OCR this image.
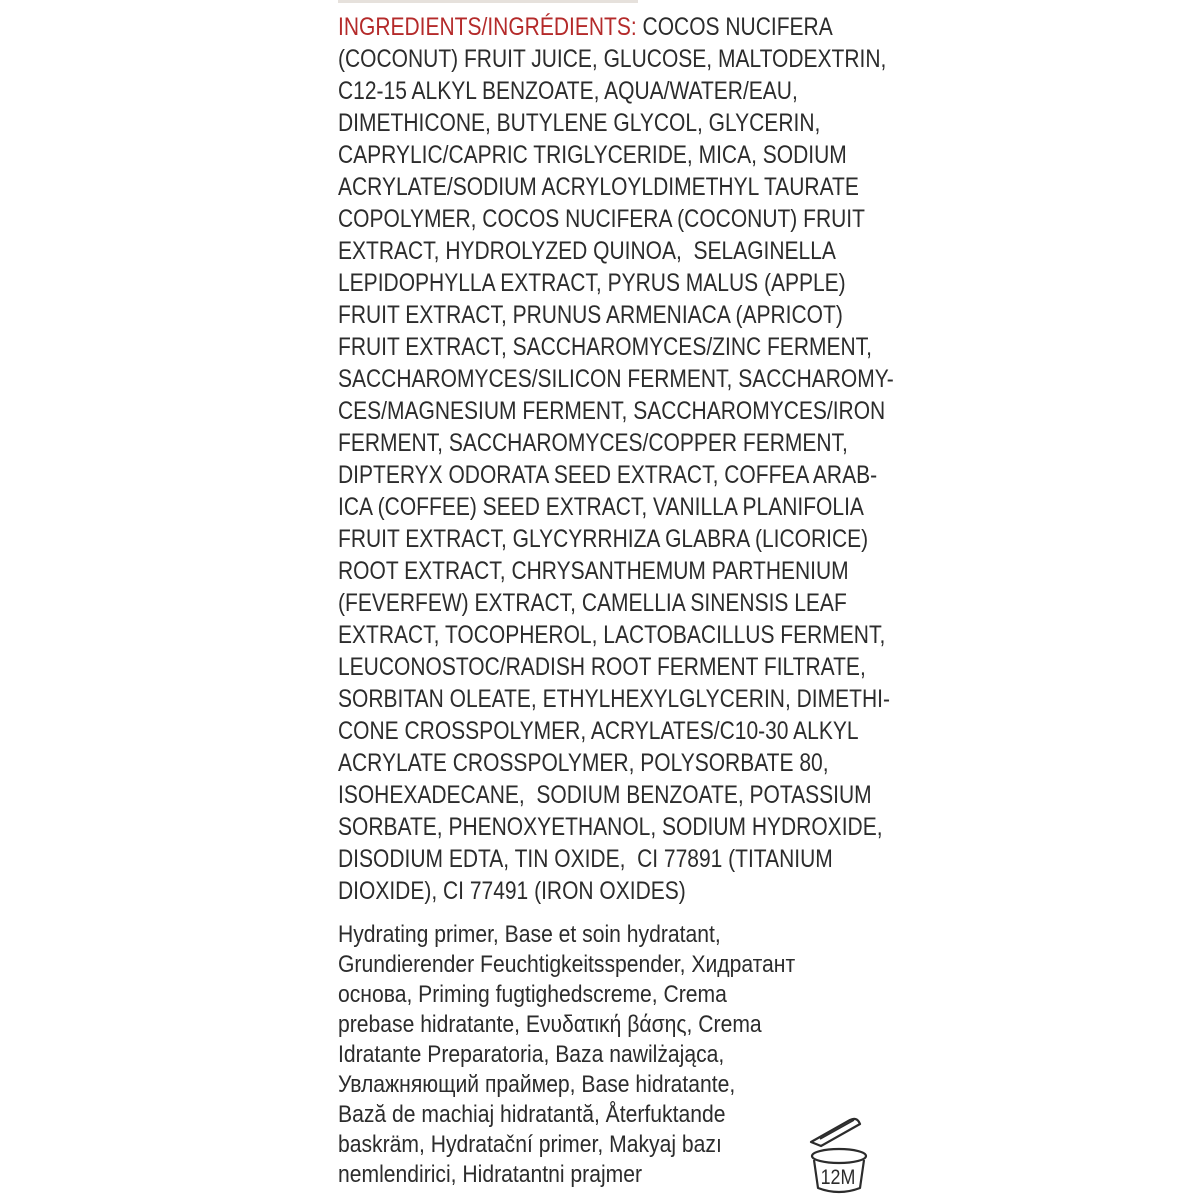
INGREDIENTS/INGRÉDIENTS: COCOS NUCIFERA
(COCONUT) FRUIT JUICE, GLUCOSE, MALTODEXTRIN,
C12-15 ALKYL BENZOATE, AQUA/WATER/EAU,
DIMETHICONE, BUTYLENE GLYCOL, GLYCERIN,
CAPRYLIC/CAPRIC TRIGLYCERIDE, MICA, SODIUM
ACRYLATE/SODIUM ACRYLOYLDIMETHYL TAURATE
COPOLYMER, COCOS NUCIFERA (COCONUT) FRUIT
EXTRACT, HYDROLYZED QUINOA,  SELAGINELLA
LEPIDOPHYLLA EXTRACT, PYRUS MALUS (APPLE)
FRUIT EXTRACT, PRUNUS ARMENIACA (APRICOT)
FRUIT EXTRACT, SACCHAROMYCES/ZINC FERMENT,
SACCHAROMYCES/SILICON FERMENT, SACCHAROMY-
CES/MAGNESIUM FERMENT, SACCHAROMYCES/IRON
FERMENT, SACCHAROMYCES/COPPER FERMENT,
DIPTERYX ODORATA SEED EXTRACT, COFFEA ARAB-
ICA (COFFEE) SEED EXTRACT, VANILLA PLANIFOLIA
FRUIT EXTRACT, GLYCYRRHIZA GLABRA (LICORICE)
ROOT EXTRACT, CHRYSANTHEMUM PARTHENIUM
(FEVERFEW) EXTRACT, CAMELLIA SINENSIS LEAF
EXTRACT, TOCOPHEROL, LACTOBACILLUS FERMENT,
LEUCONOSTOC/RADISH ROOT FERMENT FILTRATE,
SORBITAN OLEATE, ETHYLHEXYLGLYCERIN, DIMETHI-
CONE CROSSPOLYMER, ACRYLATES/C10-30 ALKYL
ACRYLATE CROSSPOLYMER, POLYSORBATE 80,
ISOHEXADECANE,  SODIUM BENZOATE, POTASSIUM
SORBATE, PHENOXYETHANOL, SODIUM HYDROXIDE,
DISODIUM EDTA, TIN OXIDE,  CI 77891 (TITANIUM
DIOXIDE), CI 77491 (IRON OXIDES)
Hydrating primer, Base et soin hydratant,
Grundierender Feuchtigkeitsspender, Хидратант
основа, Priming fugtighedscreme, Crema
prebase hidratante, Ενυδατική βάσης, Crema
Idratante Preparatoria, Baza nawilżająca,
Увлажняющий праймер, Base hidratante,
Bază de machiaj hidratantă, Återfuktande
baskräm, Hydratační primer, Makyaj bazı
nemlendirici, Hidratantni prajmer	12M
